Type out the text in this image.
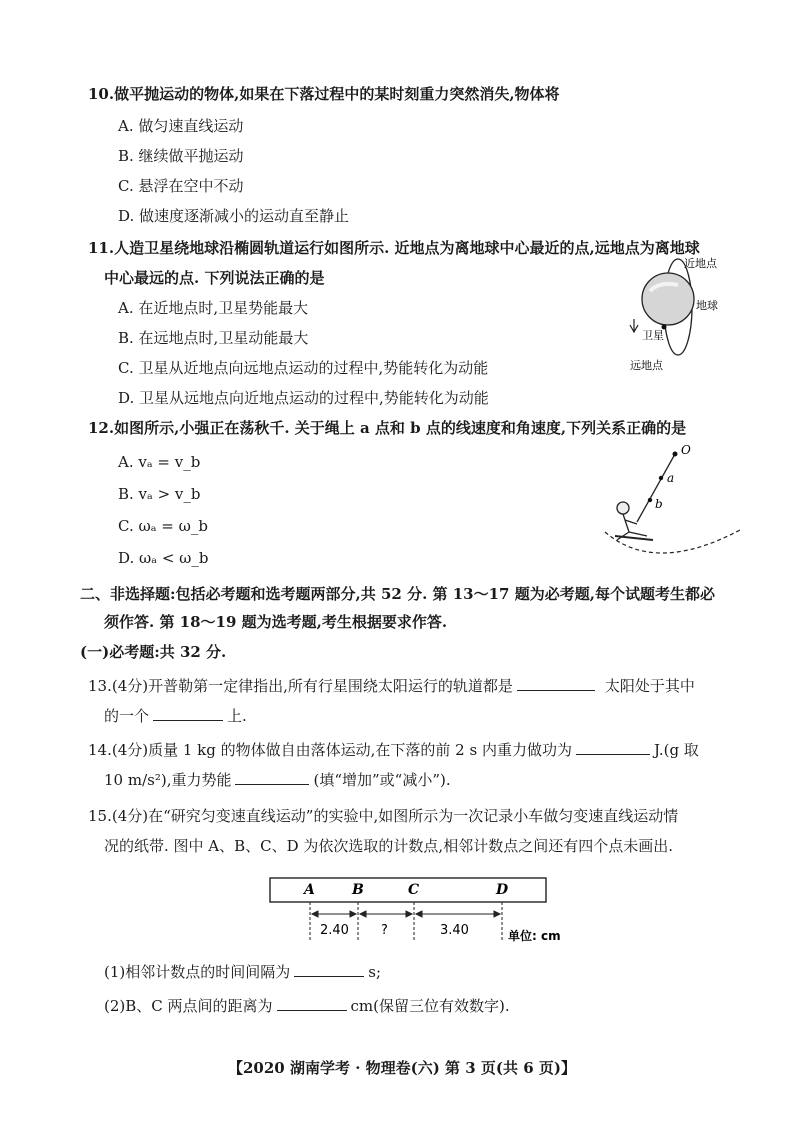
10.做平抛运动的物体,如果在下落过程中的某时刻重力突然消失,物体将
A. 做匀速直线运动
B. 继续做平抛运动
C. 悬浮在空中不动
D. 做速度逐渐减小的运动直至静止
11.人造卫星绕地球沿椭圆轨道运行如图所示. 近地点为离地球中心最近的点,远地点为离地球
中心最远的点. 下列说法正确的是
A. 在近地点时,卫星势能最大
B. 在远地点时,卫星动能最大
C. 卫星从近地点向远地点运动的过程中,势能转化为动能
D. 卫星从远地点向近地点运动的过程中,势能转化为动能
近地点
地球
卫星
远地点
12.如图所示,小强正在荡秋千. 关于绳上 a 点和 b 点的线速度和角速度,下列关系正确的是
A. vₐ = v_b
B. vₐ > v_b
C. ωₐ = ω_b
D. ωₐ < ω_b
O
a
b
二、非选择题:包括必考题和选考题两部分,共 52 分. 第 13～17 题为必考题,每个试题考生都必
须作答. 第 18～19 题为选考题,考生根据要求作答.
(一)必考题:共 32 分.
13.(4分)开普勒第一定律指出,所有行星围绕太阳运行的轨道都是	太阳处于其中
的一个	上.
14.(4分)质量 1 kg 的物体做自由落体运动,在下落的前 2 s 内重力做功为	J.(g 取
10 m/s²),重力势能	(填“增加”或“减小”).
15.(4分)在“研究匀变速直线运动”的实验中,如图所示为一次记录小车做匀变速直线运动情
况的纸带. 图中 A、B、C、D 为依次选取的计数点,相邻计数点之间还有四个点未画出.
A	B	C	D
2.40 ?	3.40	单位: cm
(1)相邻计数点的时间间隔为	s;
(2)B、C 两点间的距离为	cm(保留三位有效数字).
【2020 湖南学考 · 物理卷(六) 第 3 页(共 6 页)】
